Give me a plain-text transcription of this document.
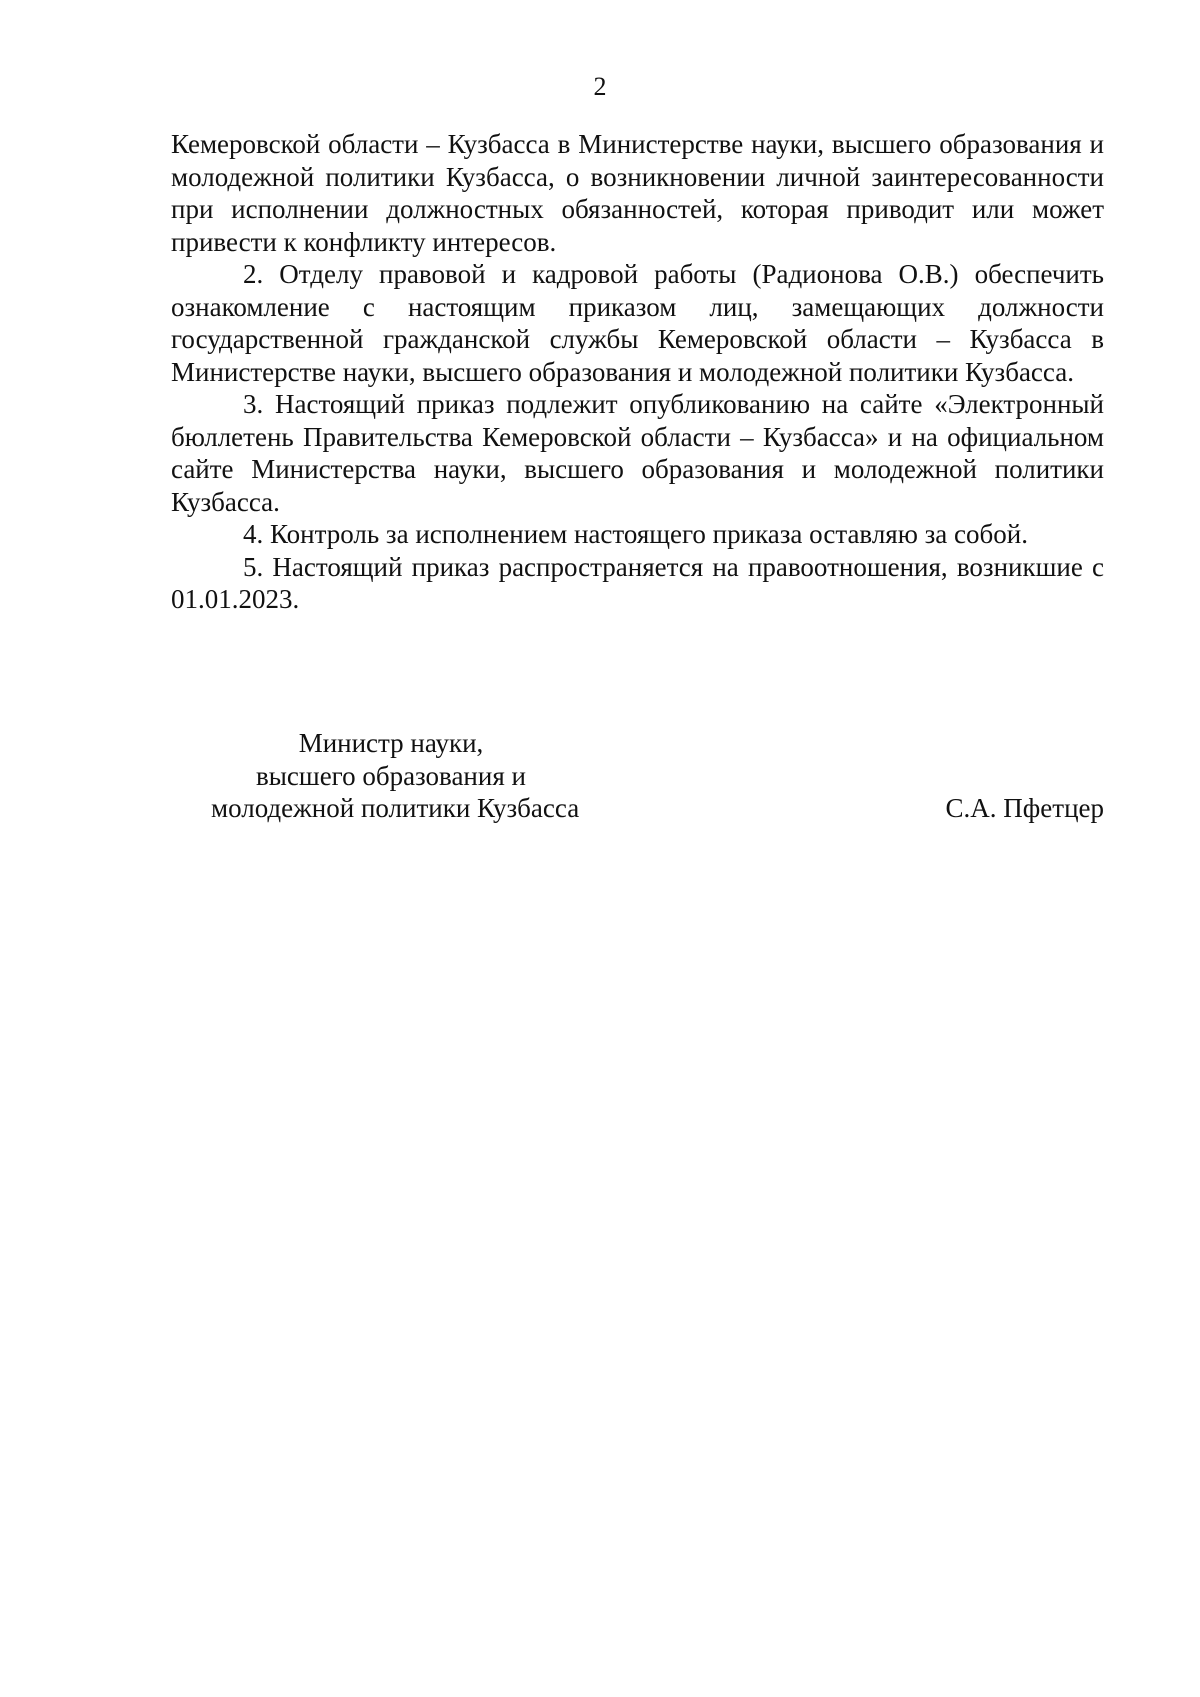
2

Кемеровской области – Кузбасса в Министерстве науки, высшего образования и молодежной политики Кузбасса, о возникновении личной заинтересованности при исполнении должностных обязанностей, которая приводит или может привести к конфликту интересов.

2. Отделу правовой и кадровой работы (Радионова О.В.) обеспечить ознакомление с настоящим приказом лиц, замещающих должности государственной гражданской службы Кемеровской области – Кузбасса в Министерстве науки, высшего образования и молодежной политики Кузбасса.

3. Настоящий приказ подлежит опубликованию на сайте «Электронный бюллетень Правительства Кемеровской области – Кузбасса» и на официальном сайте Министерства науки, высшего образования и молодежной политики Кузбасса.

4. Контроль за исполнением настоящего приказа оставляю за собой.

5. Настоящий приказ распространяется на правоотношения, возникшие с 01.01.2023.

Министр науки,
высшего образования и
молодежной политики Кузбасса	С.А. Пфетцер
